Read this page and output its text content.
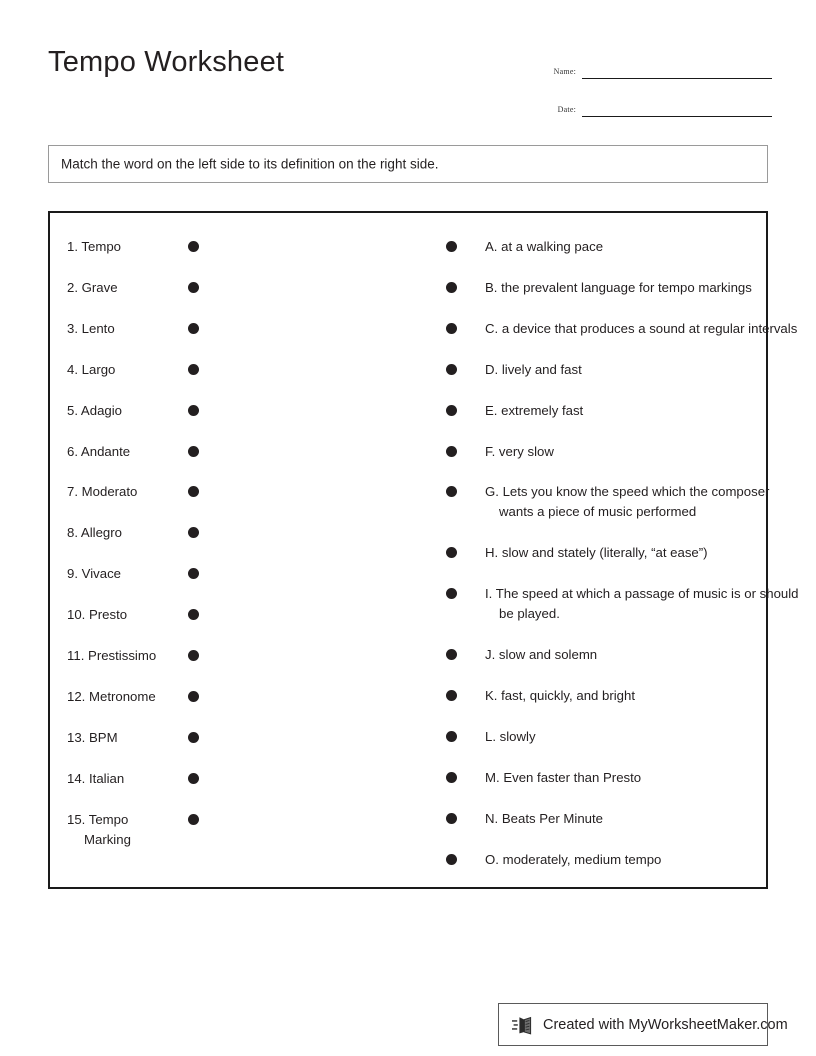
Tempo Worksheet	Name:
Date:
Match the word on the left side to its definition on the right side.
1. Tempo
2. Grave
3. Lento
4. Largo
5. Adagio
6. Andante
7. Moderato
8. Allegro
9. Vivace
10. Presto
11. Prestissimo
12. Metronome
13. BPM
14. Italian
15. Tempo
Marking
A. at a walking pace
B. the prevalent language for tempo markings
C. a device that produces a sound at regular intervals
D. lively and fast
E. extremely fast
F. very slow
G. Lets you know the speed which the composer
wants a piece of music performed
H. slow and stately (literally, “at ease”)
I. The speed at which a passage of music is or should
be played.
J. slow and solemn
K. fast, quickly, and bright
L. slowly
M. Even faster than Presto
N. Beats Per Minute
O. moderately, medium tempo
Created with MyWorksheetMaker.com
